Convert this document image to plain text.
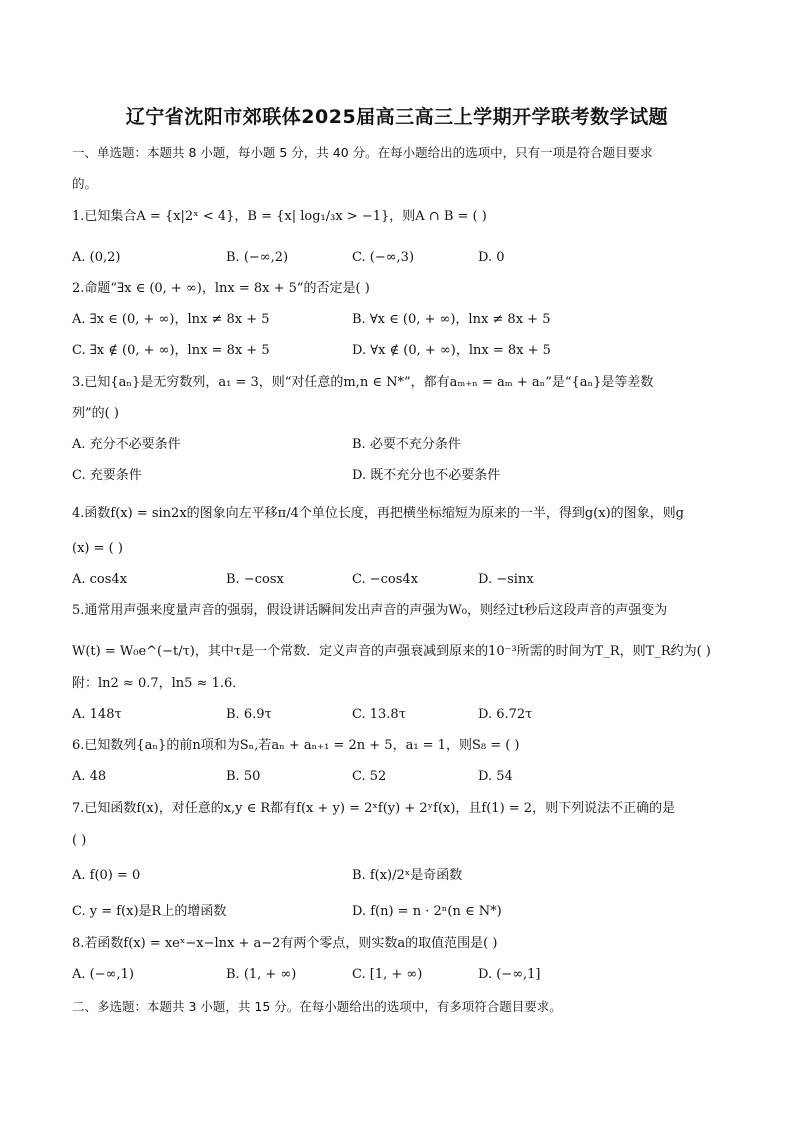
辽宁省沈阳市郊联体2025届高三高三上学期开学联考数学试题
一、单选题：本题共 8 小题，每小题 5 分，共 40 分。在每小题给出的选项中，只有一项是符合题目要求
的。
1.已知集合A = {x|2ˣ < 4}，B = {x| log₁/₃x > −1}，则A ∩ B = ( )
A. (0,2)	B. (−∞,2)	C. (−∞,3)	D. 0
2.命题“∃x ∈ (0, + ∞)，lnx = 8x + 5”的否定是( )
A. ∃x ∈ (0, + ∞)，lnx ≠ 8x + 5	B. ∀x ∈ (0, + ∞)，lnx ≠ 8x + 5
C. ∃x ∉ (0, + ∞)，lnx = 8x + 5	D. ∀x ∉ (0, + ∞)，lnx = 8x + 5
3.已知{aₙ}是无穷数列，a₁ = 3，则“对任意的m,n ∈ N*”，都有aₘ₊ₙ = aₘ + aₙ”是“{aₙ}是等差数
列”的( )
A. 充分不必要条件	B. 必要不充分条件
C. 充要条件	D. 既不充分也不必要条件
4.函数f(x) = sin2x的图象向左平移π/4个单位长度，再把横坐标缩短为原来的一半，得到g(x)的图象，则g
(x) = ( )
A. cos4x	B. −cosx	C. −cos4x	D. −sinx
5.通常用声强来度量声音的强弱，假设讲话瞬间发出声音的声强为W₀，则经过t秒后这段声音的声强变为
W(t) = W₀e^(−t/τ)，其中τ是一个常数．定义声音的声强衰减到原来的10⁻³所需的时间为T_R，则T_R约为( )
附：ln2 ≈ 0.7，ln5 ≈ 1.6．
A. 148τ	B. 6.9τ	C. 13.8τ	D. 6.72τ
6.已知数列{aₙ}的前n项和为Sₙ,若aₙ + aₙ₊₁ = 2n + 5，a₁ = 1，则S₈ = ( )
A. 48	B. 50	C. 52	D. 54
7.已知函数f(x)，对任意的x,y ∈ R都有f(x + y) = 2ˣf(y) + 2ʸf(x)，且f(1) = 2，则下列说法不正确的是
( )
A. f(0) = 0	B. f(x)/2ˣ是奇函数
C. y = f(x)是R上的增函数	D. f(n) = n · 2ⁿ(n ∈ N*)
8.若函数f(x) = xeˣ−x−lnx + a−2有两个零点，则实数a的取值范围是( )
A. (−∞,1)	B. (1, + ∞)	C. [1, + ∞)	D. (−∞,1]
二、多选题：本题共 3 小题，共 15 分。在每小题给出的选项中，有多项符合题目要求。
